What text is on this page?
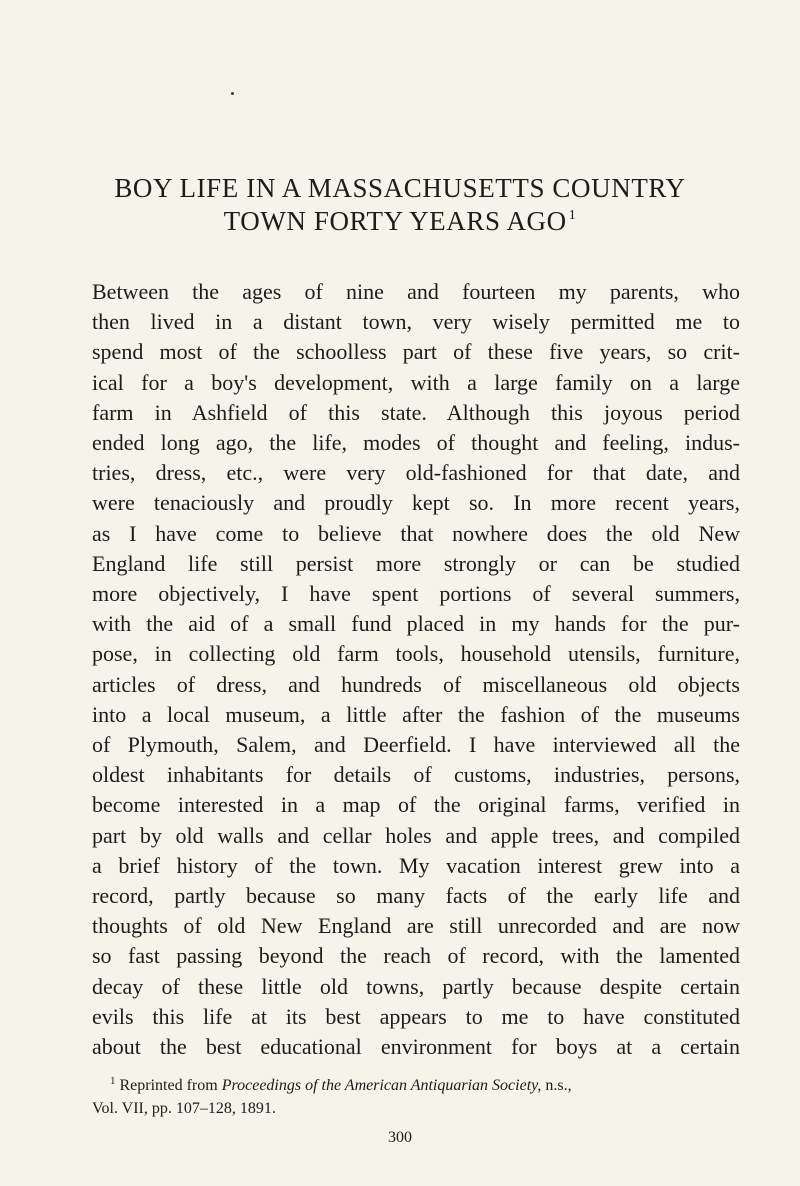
BOY LIFE IN A MASSACHUSETTS COUNTRY
TOWN FORTY YEARS AGO $^1$
Between the ages of nine and fourteen my parents, who
then lived in a distant town, very wisely permitted me to
spend most of the schoolless part of these five years, so crit-
ical for a boy's development, with a large family on a large
farm in Ashfield of this state. Although this joyous period
ended long ago, the life, modes of thought and feeling, indus-
tries, dress, etc., were very old-fashioned for that date, and
were tenaciously and proudly kept so. In more recent years,
as I have come to believe that nowhere does the old New
England life still persist more strongly or can be studied
more objectively, I have spent portions of several summers,
with the aid of a small fund placed in my hands for the pur-
pose, in collecting old farm tools, household utensils, furniture,
articles of dress, and hundreds of miscellaneous old objects
into a local museum, a little after the fashion of the museums
of Plymouth, Salem, and Deerfield. I have interviewed all the
oldest inhabitants for details of customs, industries, persons,
become interested in a map of the original farms, verified in
part by old walls and cellar holes and apple trees, and compiled
a brief history of the town. My vacation interest grew into a
record, partly because so many facts of the early life and
thoughts of old New England are still unrecorded and are now
so fast passing beyond the reach of record, with the lamented
decay of these little old towns, partly because despite certain
evils this life at its best appears to me to have constituted
about the best educational environment for boys at a certain
$^1$ Reprinted from Proceedings of the American Antiquarian Society, n.s.,
Vol. VII, pp. 107–128, 1891.
300
